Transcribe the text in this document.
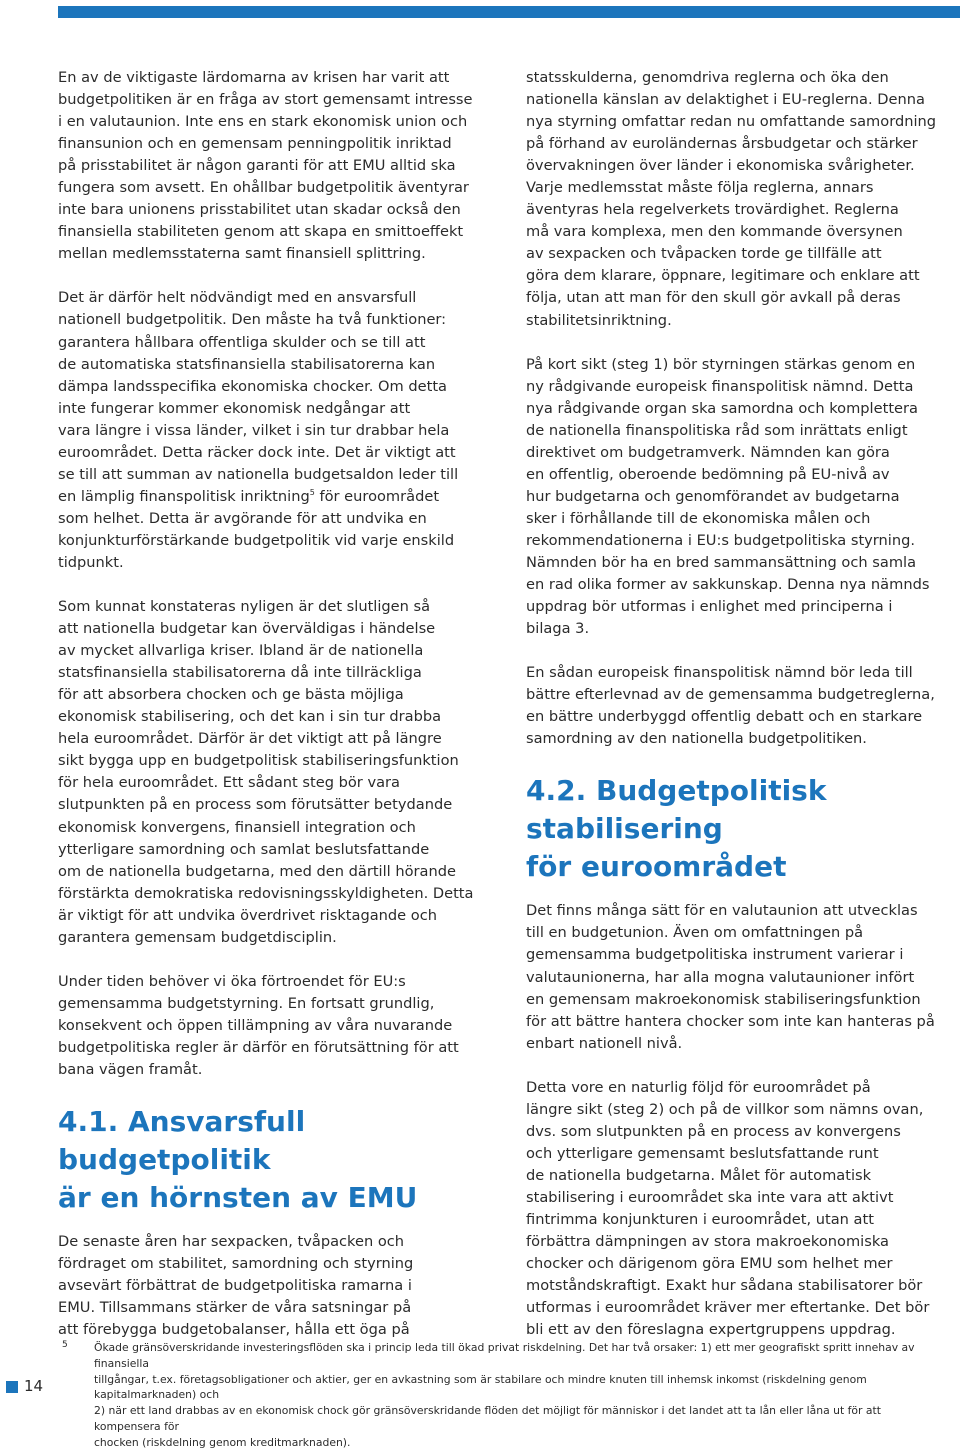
En av de viktigaste lärdomarna av krisen har varit att
budgetpolitiken är en fråga av stort gemensamt intresse
i en valutaunion. Inte ens en stark ekonomisk union och
finansunion och en gemensam penningpolitik inriktad
på prisstabilitet är någon garanti för att EMU alltid ska
fungera som avsett. En ohållbar budgetpolitik äventyrar
inte bara unionens prisstabilitet utan skadar också den
finansiella stabiliteten genom att skapa en smittoeffekt
mellan medlemsstaterna samt finansiell splittring.

Det är därför helt nödvändigt med en ansvarsfull
nationell budgetpolitik. Den måste ha två funktioner:
garantera hållbara offentliga skulder och se till att
de automatiska statsfinansiella stabilisatorerna kan
dämpa landsspecifika ekonomiska chocker. Om detta
inte fungerar kommer ekonomisk nedgångar att
vara längre i vissa länder, vilket i sin tur drabbar hela
euroområdet. Detta räcker dock inte. Det är viktigt att
se till att summan av nationella budgetsaldon leder till
en lämplig finanspolitisk inriktning$^5$ för euroområdet
som helhet. Detta är avgörande för att undvika en
konjunkturförstärkande budgetpolitik vid varje enskild
tidpunkt.

Som kunnat konstateras nyligen är det slutligen så
att nationella budgetar kan överväldigas i händelse
av mycket allvarliga kriser. Ibland är de nationella
statsfinansiella stabilisatorerna då inte tillräckliga
för att absorbera chocken och ge bästa möjliga
ekonomisk stabilisering, och det kan i sin tur drabba
hela euroområdet. Därför är det viktigt att på längre
sikt bygga upp en budgetpolitisk stabiliseringsfunktion
för hela euroområdet. Ett sådant steg bör vara
slutpunkten på en process som förutsätter betydande
ekonomisk konvergens, finansiell integration och
ytterligare samordning och samlat beslutsfattande
om de nationella budgetarna, med den därtill hörande
förstärkta demokratiska redovisningsskyldigheten. Detta
är viktigt för att undvika överdrivet risktagande och
garantera gemensam budgetdisciplin.

Under tiden behöver vi öka förtroendet för EU:s
gemensamma budgetstyrning. En fortsatt grundlig,
konsekvent och öppen tillämpning av våra nuvarande
budgetpolitiska regler är därför en förutsättning för att
bana vägen framåt.

4.1. Ansvarsfull budgetpolitik
är en hörnsten av EMU

De senaste åren har sexpacken, tvåpacken och
fördraget om stabilitet, samordning och styrning
avsevärt förbättrat de budgetpolitiska ramarna i
EMU. Tillsammans stärker de våra satsningar på
att förebygga budgetobalanser, hålla ett öga på

statsskulderna, genomdriva reglerna och öka den
nationella känslan av delaktighet i EU-reglerna. Denna
nya styrning omfattar redan nu omfattande samordning
på förhand av euroländernas årsbudgetar och stärker
övervakningen över länder i ekonomiska svårigheter.
Varje medlemsstat måste följa reglerna, annars
äventyras hela regelverkets trovärdighet. Reglerna
må vara komplexa, men den kommande översynen
av sexpacken och tvåpacken torde ge tillfälle att
göra dem klarare, öppnare, legitimare och enklare att
följa, utan att man för den skull gör avkall på deras
stabilitetsinriktning.

På kort sikt (steg 1) bör styrningen stärkas genom en
ny rådgivande europeisk finanspolitisk nämnd. Detta
nya rådgivande organ ska samordna och komplettera
de nationella finanspolitiska råd som inrättats enligt
direktivet om budgetramverk. Nämnden kan göra
en offentlig, oberoende bedömning på EU-nivå av
hur budgetarna och genomförandet av budgetarna
sker i förhållande till de ekonomiska målen och
rekommendationerna i EU:s budgetpolitiska styrning.
Nämnden bör ha en bred sammansättning och samla
en rad olika former av sakkunskap. Denna nya nämnds
uppdrag bör utformas i enlighet med principerna i
bilaga 3.

En sådan europeisk finanspolitisk nämnd bör leda till
bättre efterlevnad av de gemensamma budgetreglerna,
en bättre underbyggd offentlig debatt och en starkare
samordning av den nationella budgetpolitiken.

4.2. Budgetpolitisk stabilisering
för euroområdet

Det finns många sätt för en valutaunion att utvecklas
till en budgetunion. Även om omfattningen på
gemensamma budgetpolitiska instrument varierar i
valutaunionerna, har alla mogna valutaunioner infört
en gemensam makroekonomisk stabiliseringsfunktion
för att bättre hantera chocker som inte kan hanteras på
enbart nationell nivå.

Detta vore en naturlig följd för euroområdet på
längre sikt (steg 2) och på de villkor som nämns ovan,
dvs. som slutpunkten på en process av konvergens
och ytterligare gemensamt beslutsfattande runt
de nationella budgetarna. Målet för automatisk
stabilisering i euroområdet ska inte vara att aktivt
fintrimma konjunkturen i euroområdet, utan att
förbättra dämpningen av stora makroekonomiska
chocker och därigenom göra EMU som helhet mer
motståndskraftigt. Exakt hur sådana stabilisatorer bör
utformas i euroområdet kräver mer eftertanke. Det bör
bli ett av den föreslagna expertgruppens uppdrag.

5 Ökade gränsöverskridande investeringsflöden ska i princip leda till ökad privat riskdelning. Det har två orsaker: 1) ett mer geografiskt spritt innehav av finansiella
tillgångar, t.ex. företagsobligationer och aktier, ger en avkastning som är stabilare och mindre knuten till inhemsk inkomst (riskdelning genom kapitalmarknaden) och
2) när ett land drabbas av en ekonomisk chock gör gränsöverskridande flöden det möjligt för människor i det landet att ta lån eller låna ut för att kompensera för
chocken (riskdelning genom kreditmarknaden).
14
